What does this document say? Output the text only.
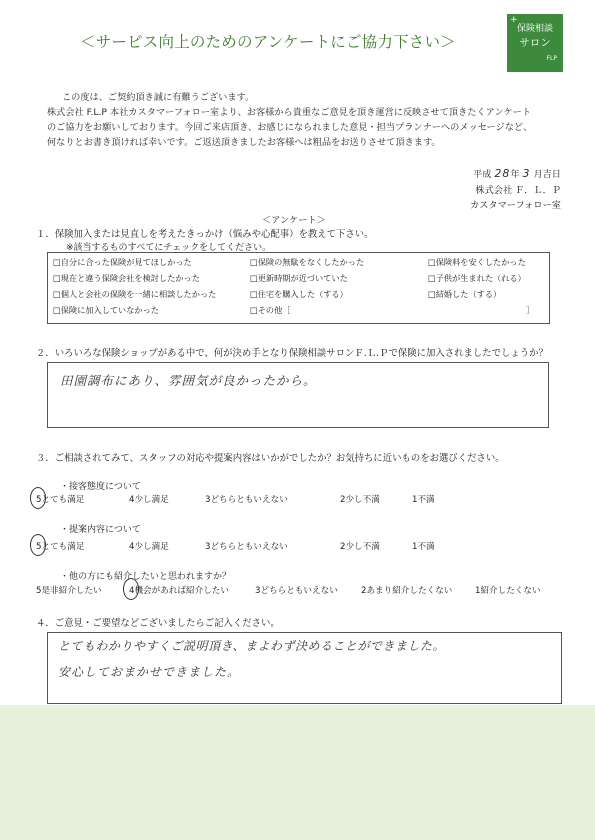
＜サービス向上のためのアンケートにご協力下さい＞
+
保険相談
サロン
FLP
この度は、ご契約頂き誠に有難うございます。
株式会社 F.L.P 本社カスタマーフォロー室より、お客様から貴重なご意見を頂き運営に反映させて頂きたくアンケート
のご協力をお願いしております。今回ご来店頂き、お感じになられました意見・担当プランナーへのメッセージなど、
何なりとお書き頂ければ幸いです。ご返送頂きましたお客様へは粗品をお送りさせて頂きます。
平成 28年 3 月吉日
株式会社 Ｆ．Ｌ．Ｐ
カスタマーフォロー室
＜アンケート＞
１．保険加入または見直しを考えたきっかけ（悩みや心配事）を教えて下さい。
※該当するものすべてにチェックをしてください。
□自分に合った保険が見てほしかった	□保険の無駄をなくしたかった	□保険料を安くしたかった
□現在と違う保険会社を検討したかった	□更新時期が近づいていた	□子供が生まれた（れる）
□個人と会社の保険を一緒に相談したかった	□住宅を購入した（する）	□結婚した（する）
□保険に加入していなかった	□その他［	］
２．いろいろな保険ショップがある中で、何が決め手となり保険相談サロンＦ.Ｌ.Ｐで保険に加入されましたでしょうか？
田園調布にあり、雰囲気が良かったから。
３．ご相談されてみて、スタッフの対応や提案内容はいかがでしたか？お気持ちに近いものをお選びください。
・接客態度について
5とても満足	4少し満足	3どちらともいえない	2少し不満	1不満
・提案内容について
5とても満足	4少し満足	3どちらともいえない	2少し不満	1不満
・他の方にも紹介したいと思われますか？
5是非紹介したい	4機会があれば紹介したい	3どちらともいえない	2あまり紹介したくない	1紹介したくない
４．ご意見・ご要望などございましたらご記入ください。
とてもわかりやすくご説明頂き、まよわず決めることができました。
安心しておまかせできました。
